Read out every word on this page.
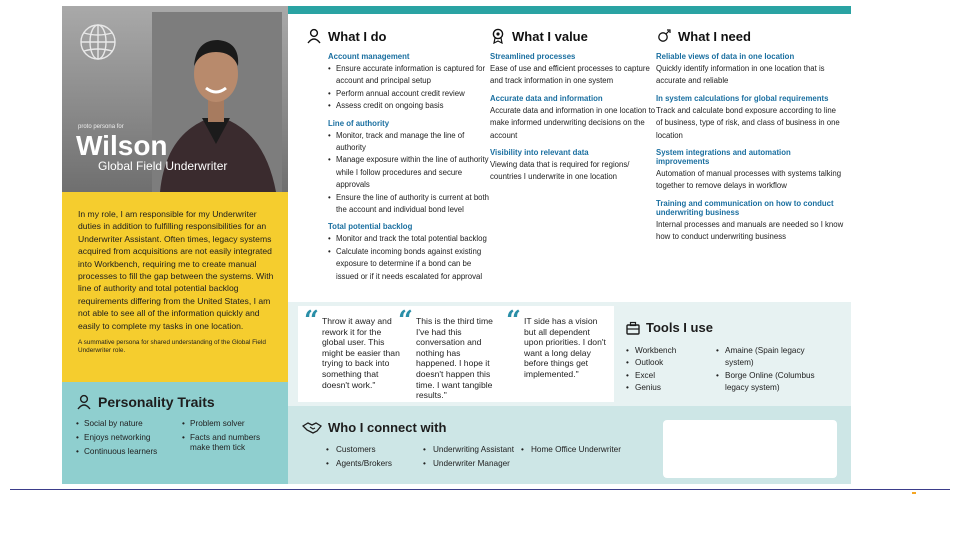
proto persona for
Wilson
Global Field Underwriter

In my role, I am responsible for my Underwriter duties in addition to fulfilling responsibilities for an Underwriter Assistant. Often times, legacy systems acquired from acquisitions are not easily integrated into Workbench, requiring me to create manual processes to fill the gap between the systems. With line of authority and total potential backlog requirements differing from the United States, I am not able to see all of the information quickly and easily to complete my tasks in one location.

A summative persona for shared understanding of the Global Field Underwriter role.

Personality Traits
• Social by nature
• Enjoys networking
• Continuous learners
• Problem solver
• Facts and numbers make them tick
What I do
Account management
• Ensure accurate information is captured for account and principal setup
• Perform annual account credit review
• Assess credit on ongoing basis
Line of authority
• Monitor, track and manage the line of authority
• Manage exposure within the line of authority while I follow procedures and secure approvals
• Ensure the line of authority is current at both the account and individual bond level
Total potential backlog
• Monitor and track the total potential backlog
• Calculate incoming bonds against existing exposure to determine if a bond can be issued or if it needs escalated for approval
What I value
Streamlined processes

Ease of use and efficient processes to capture and track information in one system

Accurate data and information

Accurate data and information in one location to make informed underwriting decisions on the account

Visibility into relevant data

Viewing data that is required for regions/ countries I underwrite in one location

What I need
Reliable views of data in one location

Quickly identify information in one location that is accurate and reliable

In system calculations for global requirements

Track and calculate bond exposure according to line of business, type of risk, and class of business in one location

System integrations and automation improvements

Automation of manual processes with systems talking together to remove delays in workflow

Training and communication on how to conduct underwriting business

Internal processes and manuals are needed so I know how to conduct underwriting business

“ Throw it away and rework it for the global user. This might be easier than trying to back into something that doesn't work."

“ This is the third time I've had this conversation and nothing has happened. I hope it doesn't happen this time. I want tangible results."

“ IT side has a vision but all dependent upon priorities. I don't want a long delay before things get implemented."

Tools I use
• Workbench
• Outlook
• Excel
• Genius
• Amaine (Spain legacy system)
• Borge Online (Columbus legacy system)
Who I connect with
• Customers
• Agents/Brokers
• Underwriting Assistant
• Underwriter Manager
• Home Office Underwriter
